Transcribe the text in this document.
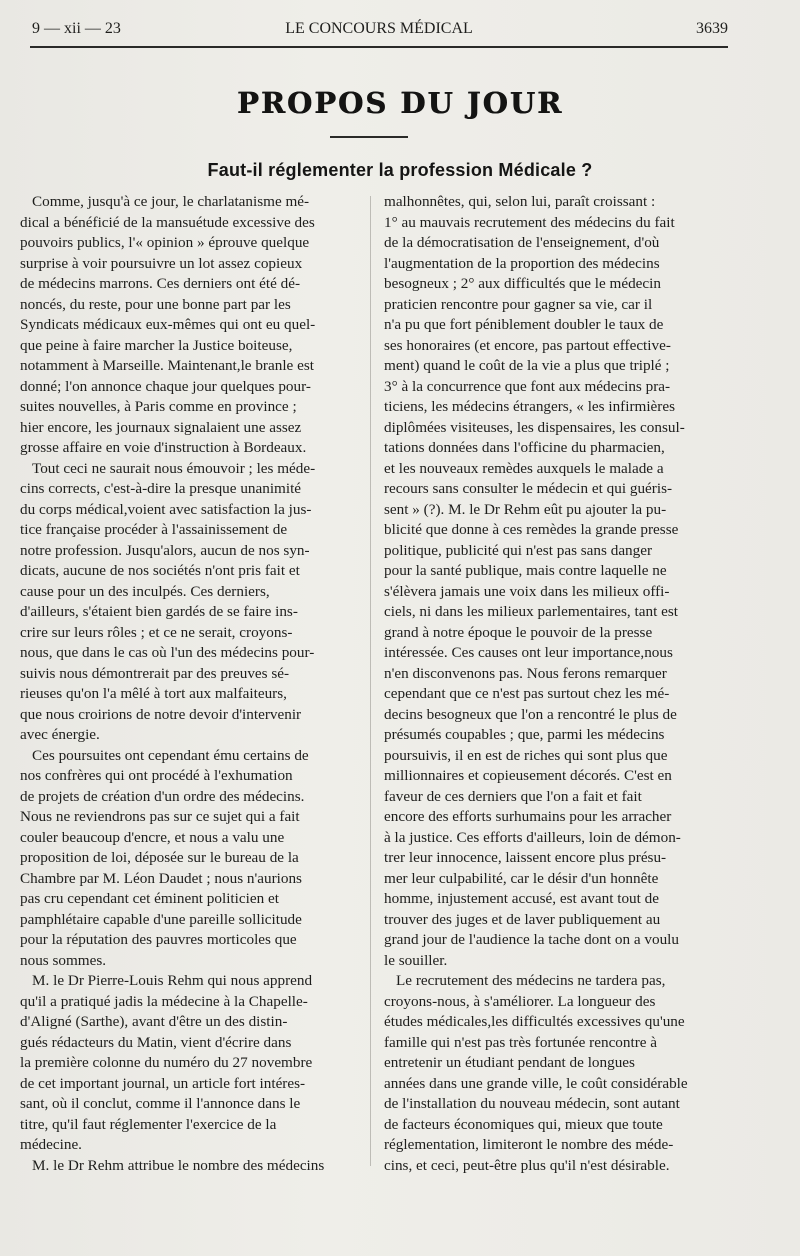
9 — xii — 23	LE CONCOURS MÉDICAL	3639
PROPOS DU JOUR
Faut-il réglementer la profession Médicale ?
Comme, jusqu'à ce jour, le charlatanisme mé-
dical a bénéficié de la mansuétude excessive des
pouvoirs publics, l'« opinion » éprouve quelque
surprise à voir poursuivre un lot assez copieux
de médecins marrons. Ces derniers ont été dé-
noncés, du reste, pour une bonne part par les
Syndicats médicaux eux-mêmes qui ont eu quel-
que peine à faire marcher la Justice boiteuse,
notamment à Marseille. Maintenant,le branle est
donné; l'on annonce chaque jour quelques pour-
suites nouvelles, à Paris comme en province ;
hier encore, les journaux signalaient une assez
grosse affaire en voie d'instruction à Bordeaux.
Tout ceci ne saurait nous émouvoir ; les méde-
cins corrects, c'est-à-dire la presque unanimité
du corps médical,voient avec satisfaction la jus-
tice française procéder à l'assainissement de
notre profession. Jusqu'alors, aucun de nos syn-
dicats, aucune de nos sociétés n'ont pris fait et
cause pour un des inculpés. Ces derniers,
d'ailleurs, s'étaient bien gardés de se faire ins-
crire sur leurs rôles ; et ce ne serait, croyons-
nous, que dans le cas où l'un des médecins pour-
suivis nous démontrerait par des preuves sé-
rieuses qu'on l'a mêlé à tort aux malfaiteurs,
que nous croirions de notre devoir d'intervenir
avec énergie.
Ces poursuites ont cependant ému certains de
nos confrères qui ont procédé à l'exhumation
de projets de création d'un ordre des médecins.
Nous ne reviendrons pas sur ce sujet qui a fait
couler beaucoup d'encre, et nous a valu une
proposition de loi, déposée sur le bureau de la
Chambre par M. Léon Daudet ; nous n'aurions
pas cru cependant cet éminent politicien et
pamphlétaire capable d'une pareille sollicitude
pour la réputation des pauvres morticoles que
nous sommes.
M. le Dr Pierre-Louis Rehm qui nous apprend
qu'il a pratiqué jadis la médecine à la Chapelle-
d'Aligné (Sarthe), avant d'être un des distin-
gués rédacteurs du Matin, vient d'écrire dans
la première colonne du numéro du 27 novembre
de cet important journal, un article fort intéres-
sant, où il conclut, comme il l'annonce dans le
titre, qu'il faut réglementer l'exercice de la
médecine.
M. le Dr Rehm attribue le nombre des médecins
malhonnêtes, qui, selon lui, paraît croissant :
1° au mauvais recrutement des médecins du fait
de la démocratisation de l'enseignement, d'où
l'augmentation de la proportion des médecins
besogneux ; 2° aux difficultés que le médecin
praticien rencontre pour gagner sa vie, car il
n'a pu que fort péniblement doubler le taux de
ses honoraires (et encore, pas partout effective-
ment) quand le coût de la vie a plus que triplé ;
3° à la concurrence que font aux médecins pra-
ticiens, les médecins étrangers, « les infirmières
diplômées visiteuses, les dispensaires, les consul-
tations données dans l'officine du pharmacien,
et les nouveaux remèdes auxquels le malade a
recours sans consulter le médecin et qui guéris-
sent » (?). M. le Dr Rehm eût pu ajouter la pu-
blicité que donne à ces remèdes la grande presse
politique, publicité qui n'est pas sans danger
pour la santé publique, mais contre laquelle ne
s'élèvera jamais une voix dans les milieux offi-
ciels, ni dans les milieux parlementaires, tant est
grand à notre époque le pouvoir de la presse
intéressée. Ces causes ont leur importance,nous
n'en disconvenons pas. Nous ferons remarquer
cependant que ce n'est pas surtout chez les mé-
decins besogneux que l'on a rencontré le plus de
présumés coupables ; que, parmi les médecins
poursuivis, il en est de riches qui sont plus que
millionnaires et copieusement décorés. C'est en
faveur de ces derniers que l'on a fait et fait
encore des efforts surhumains pour les arracher
à la justice. Ces efforts d'ailleurs, loin de démon-
trer leur innocence, laissent encore plus présu-
mer leur culpabilité, car le désir d'un honnête
homme, injustement accusé, est avant tout de
trouver des juges et de laver publiquement au
grand jour de l'audience la tache dont on a voulu
le souiller.
Le recrutement des médecins ne tardera pas,
croyons-nous, à s'améliorer. La longueur des
études médicales,les difficultés excessives qu'une
famille qui n'est pas très fortunée rencontre à
entretenir un étudiant pendant de longues
années dans une grande ville, le coût considérable
de l'installation du nouveau médecin, sont autant
de facteurs économiques qui, mieux que toute
réglementation, limiteront le nombre des méde-
cins, et ceci, peut-être plus qu'il n'est désirable.
